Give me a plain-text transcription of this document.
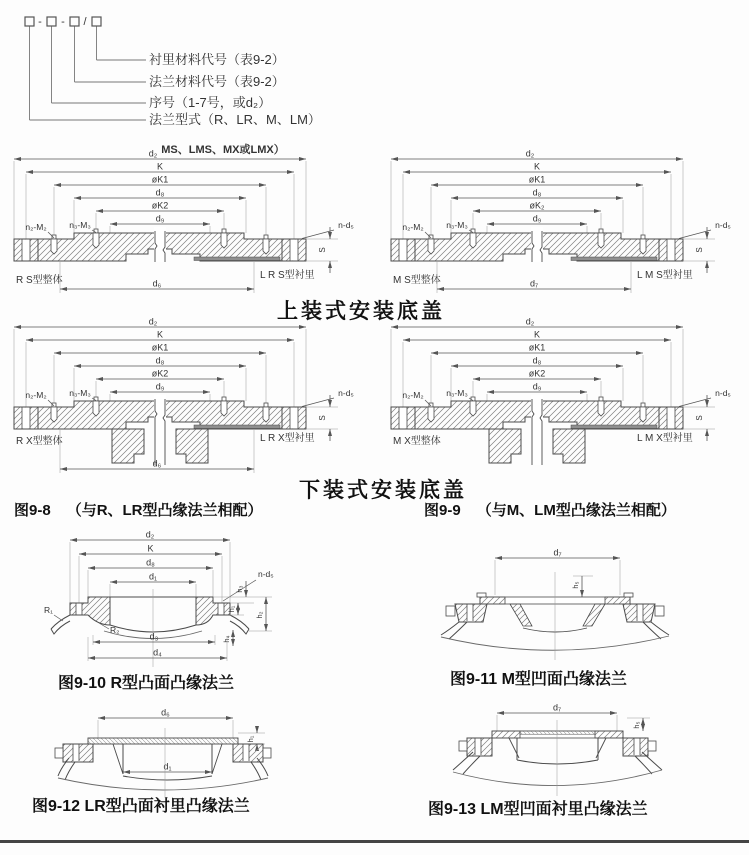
- - /
衬里材料代号（表9-2）
法兰材料代号（表9-2）
序号（1-7号，或d₂）
法兰型式（R、LR、M、LM）
MS、LMS、MX或LMX）
d₂
K
øK1
d₈
øK2
d₉
S
n₂-M₂	n₃-M₃	n-d₅
R S型整体	L R S型衬里
d₆
d₂
K
øK1
d₈
øK₂
d₉
S
n₂-M₂	n₃-M₃	n-d₅
M S型整体	L M S型衬里
d₇
d₂
K
øK1
d₈
øK2
d₉
S
n₂-M₂	n₃-M₃	n-d₅
R X型整体	L R X型衬里
d₆
d₂
K
øK1
d₈
øK2
d₉
S
n₂-M₂	n₃-M₃	n-d₅
M X型整体	L M X型衬里
d₂
K
d₈
d₁
R₁
R₂
n-d₅
h₃
h₁
h₂
h₄
d₃
d₄
d₇
h₅
d₆
h₁
d₁
d₇
h₅
上装式安装底盖
下装式安装底盖
图9-8 （与R、LR型凸缘法兰相配）	图9-9 （与M、LM型凸缘法兰相配）
图9-10 R型凸面凸缘法兰	图9-11 M型凹面凸缘法兰
图9-12 LR型凸面衬里凸缘法兰	图9-13 LM型凹面衬里凸缘法兰
